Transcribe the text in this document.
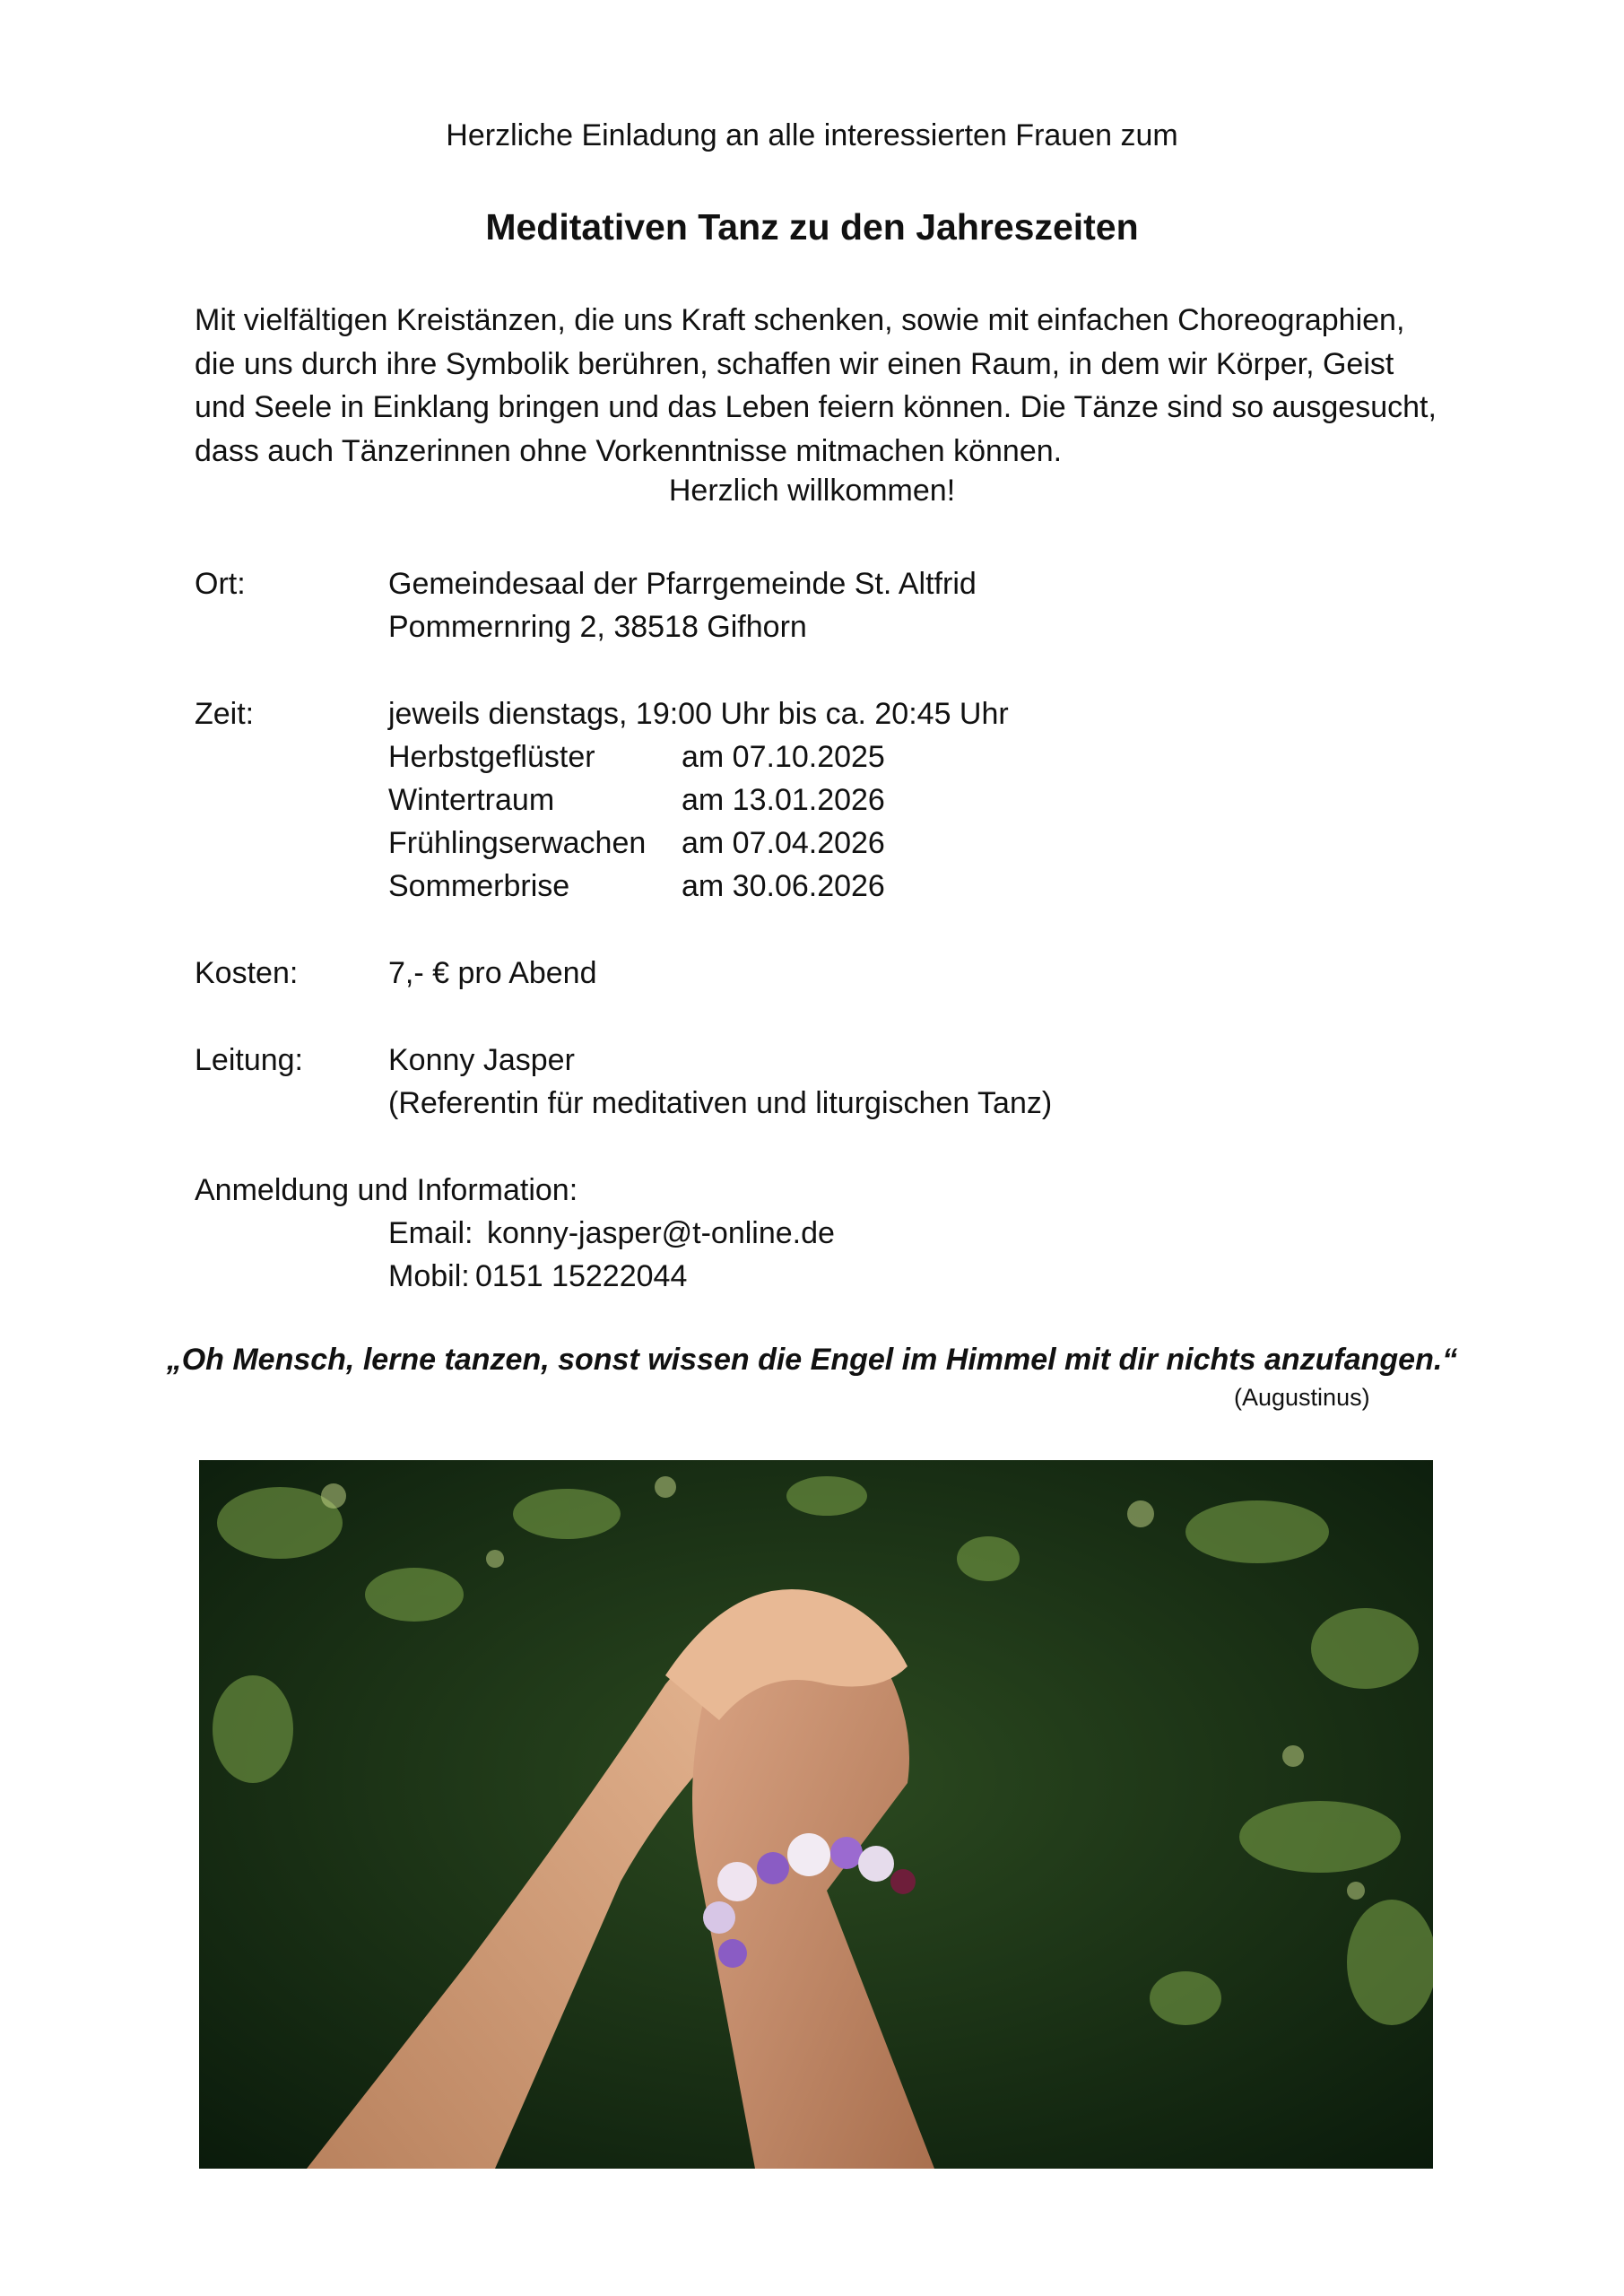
Herzliche Einladung an alle interessierten Frauen zum
Meditativen Tanz zu den Jahreszeiten
Mit vielfältigen Kreistänzen, die uns Kraft schenken, sowie mit einfachen Choreographien,
die uns durch ihre Symbolik berühren, schaffen wir einen Raum, in dem wir Körper, Geist
und Seele in Einklang bringen und das Leben feiern können. Die Tänze sind so ausgesucht,
dass auch Tänzerinnen ohne Vorkenntnisse mitmachen können.
Herzlich willkommen!
Ort:	Gemeindesaal der Pfarrgemeinde St. Altfrid
Pommernring 2, 38518 Gifhorn
Zeit:	jeweils dienstags, 19:00 Uhr bis ca. 20:45 Uhr
Herbstgeflüster	am 07.10.2025
Wintertraum	am 13.01.2026
Frühlingserwachen am 07.04.2026
Sommerbrise	am 30.06.2026
Kosten:	7,- € pro Abend
Leitung:	Konny Jasper
(Referentin für meditativen und liturgischen Tanz)
Anmeldung und Information:
Email: konny-jasper@t-online.de
Mobil: 0151 15222044
„Oh Mensch, lerne tanzen, sonst wissen die Engel im Himmel mit dir nichts anzufangen.“
(Augustinus)
